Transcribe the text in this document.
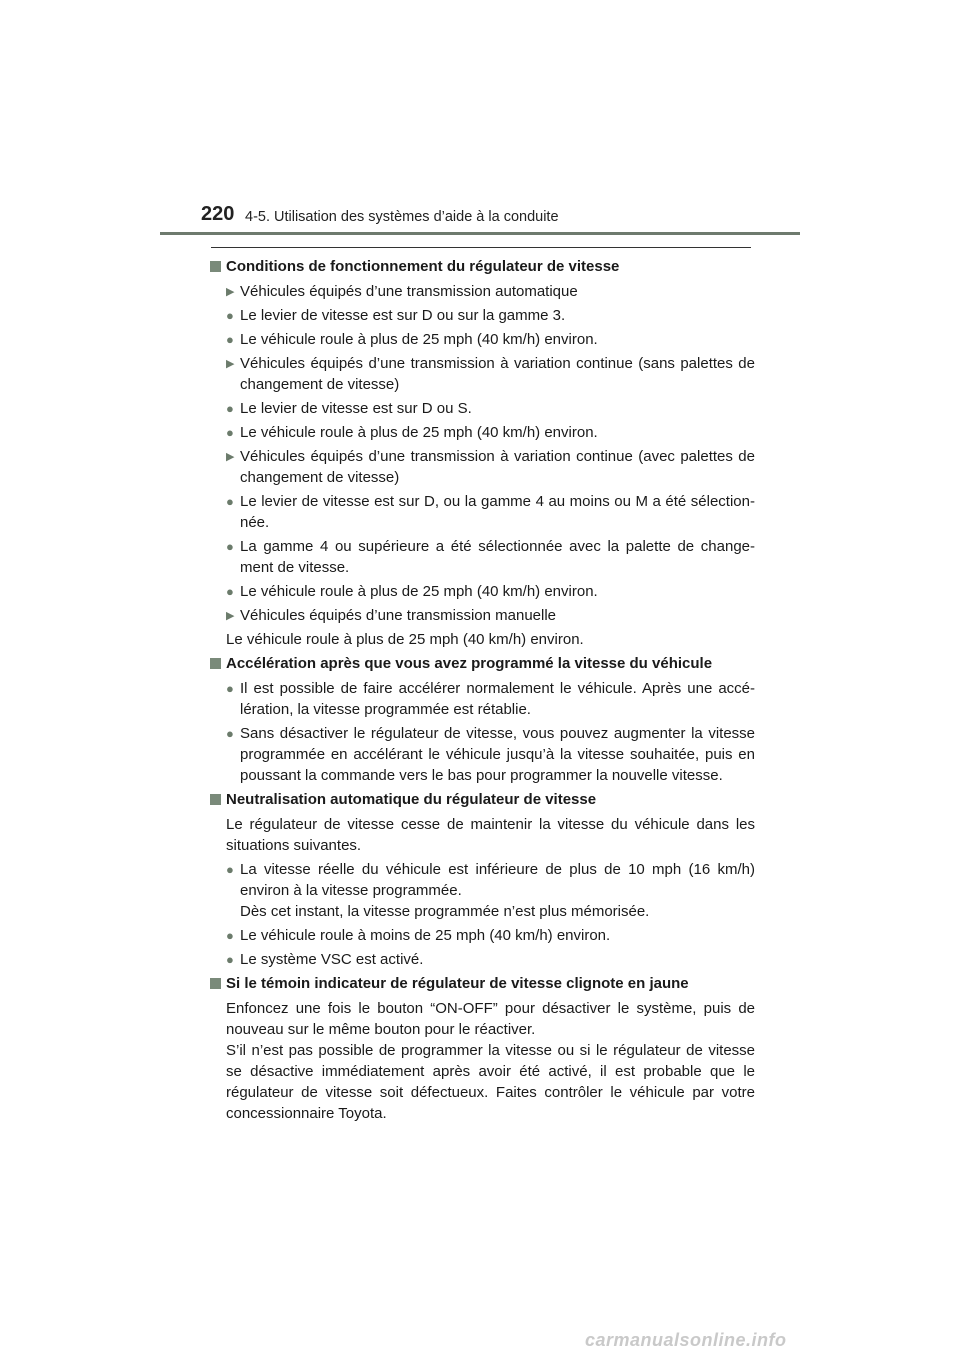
220 4-5. Utilisation des systèmes d’aide à la conduite
Conditions de fonctionnement du régulateur de vitesse
▶ Véhicules équipés d’une transmission automatique
● Le levier de vitesse est sur D ou sur la gamme 3.
● Le véhicule roule à plus de 25 mph (40 km/h) environ.
▶ Véhicules équipés d’une transmission à variation continue (sans palettes de changement de vitesse)
● Le levier de vitesse est sur D ou S.
● Le véhicule roule à plus de 25 mph (40 km/h) environ.
▶ Véhicules équipés d’une transmission à variation continue (avec palettes de changement de vitesse)
● Le levier de vitesse est sur D, ou la gamme 4 au moins ou M a été sélection-née.
● La gamme 4 ou supérieure a été sélectionnée avec la palette de change-ment de vitesse.
● Le véhicule roule à plus de 25 mph (40 km/h) environ.
▶ Véhicules équipés d’une transmission manuelle
Le véhicule roule à plus de 25 mph (40 km/h) environ.
Accélération après que vous avez programmé la vitesse du véhicule
● Il est possible de faire accélérer normalement le véhicule. Après une accé-lération, la vitesse programmée est rétablie.
● Sans désactiver le régulateur de vitesse, vous pouvez augmenter la vitesse programmée en accélérant le véhicule jusqu’à la vitesse souhaitée, puis en poussant la commande vers le bas pour programmer la nouvelle vitesse.
Neutralisation automatique du régulateur de vitesse
Le régulateur de vitesse cesse de maintenir la vitesse du véhicule dans les situations suivantes.
● La vitesse réelle du véhicule est inférieure de plus de 10 mph (16 km/h) environ à la vitesse programmée.
Dès cet instant, la vitesse programmée n’est plus mémorisée.
● Le véhicule roule à moins de 25 mph (40 km/h) environ.
● Le système VSC est activé.
Si le témoin indicateur de régulateur de vitesse clignote en jaune
Enfoncez une fois le bouton “ON-OFF” pour désactiver le système, puis de nouveau sur le même bouton pour le réactiver.
S’il n’est pas possible de programmer la vitesse ou si le régulateur de vitesse se désactive immédiatement après avoir été activé, il est probable que le régulateur de vitesse soit défectueux. Faites contrôler le véhicule par votre concessionnaire Toyota.
carmanualsonline.info
